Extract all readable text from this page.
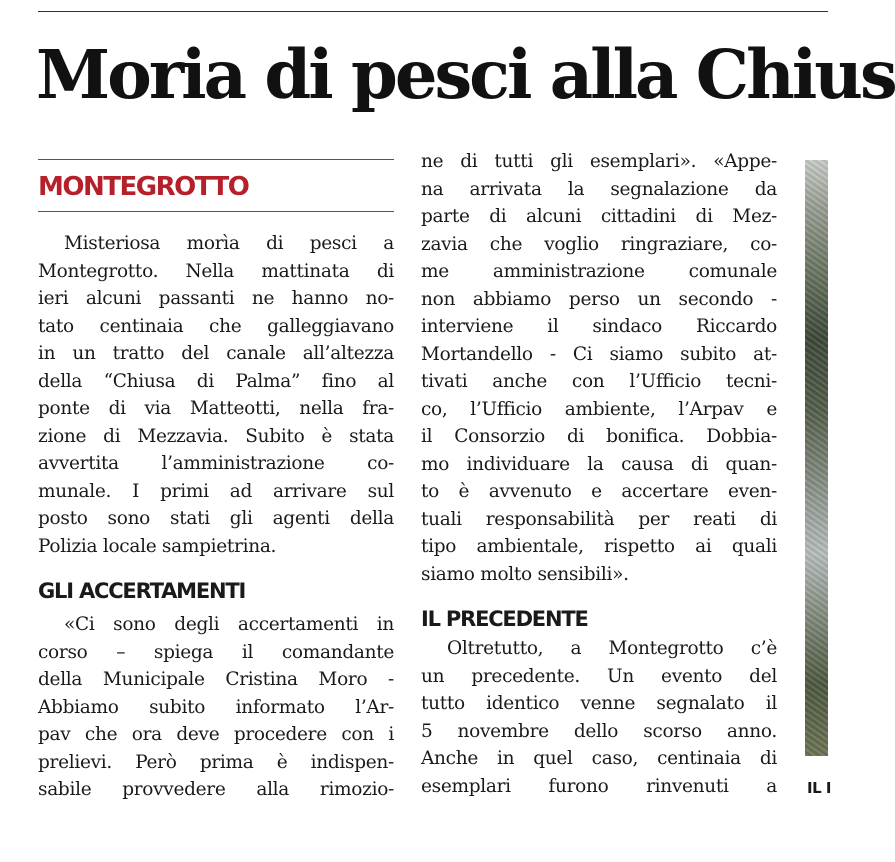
Moria di pesci alla Chius
MONTEGROTTO
Misteriosa morìa di pesci a
Montegrotto. Nella mattinata di
ieri alcuni passanti ne hanno no-
tato centinaia che galleggiavano
in un tratto del canale all’altezza
della “Chiusa di Palma” fino al
ponte di via Matteotti, nella fra-
zione di Mezzavia. Subito è stata
avvertita l’amministrazione co-
munale. I primi ad arrivare sul
posto sono stati gli agenti della
Polizia locale sampietrina.
GLI ACCERTAMENTI
«Ci sono degli accertamenti in
corso – spiega il comandante
della Municipale Cristina Moro -
Abbiamo subito informato l’Ar-
pav che ora deve procedere con i
prelievi. Però prima è indispen-
sabile provvedere alla rimozio-
ne di tutti gli esemplari». «Appe-
na arrivata la segnalazione da
parte di alcuni cittadini di Mez-
zavia che voglio ringraziare, co-
me amministrazione comunale
non abbiamo perso un secondo -
interviene il sindaco Riccardo
Mortandello - Ci siamo subito at-
tivati anche con l’Ufficio tecni-
co, l’Ufficio ambiente, l’Arpav e
il Consorzio di bonifica. Dobbia-
mo individuare la causa di quan-
to è avvenuto e accertare even-
tuali responsabilità per reati di
tipo ambientale, rispetto ai quali
siamo molto sensibili».
IL PRECEDENTE
Oltretutto, a Montegrotto c’è
un precedente. Un evento del
tutto identico venne segnalato il
5 novembre dello scorso anno.
Anche in quel caso, centinaia di
esemplari furono rinvenuti a IL I
